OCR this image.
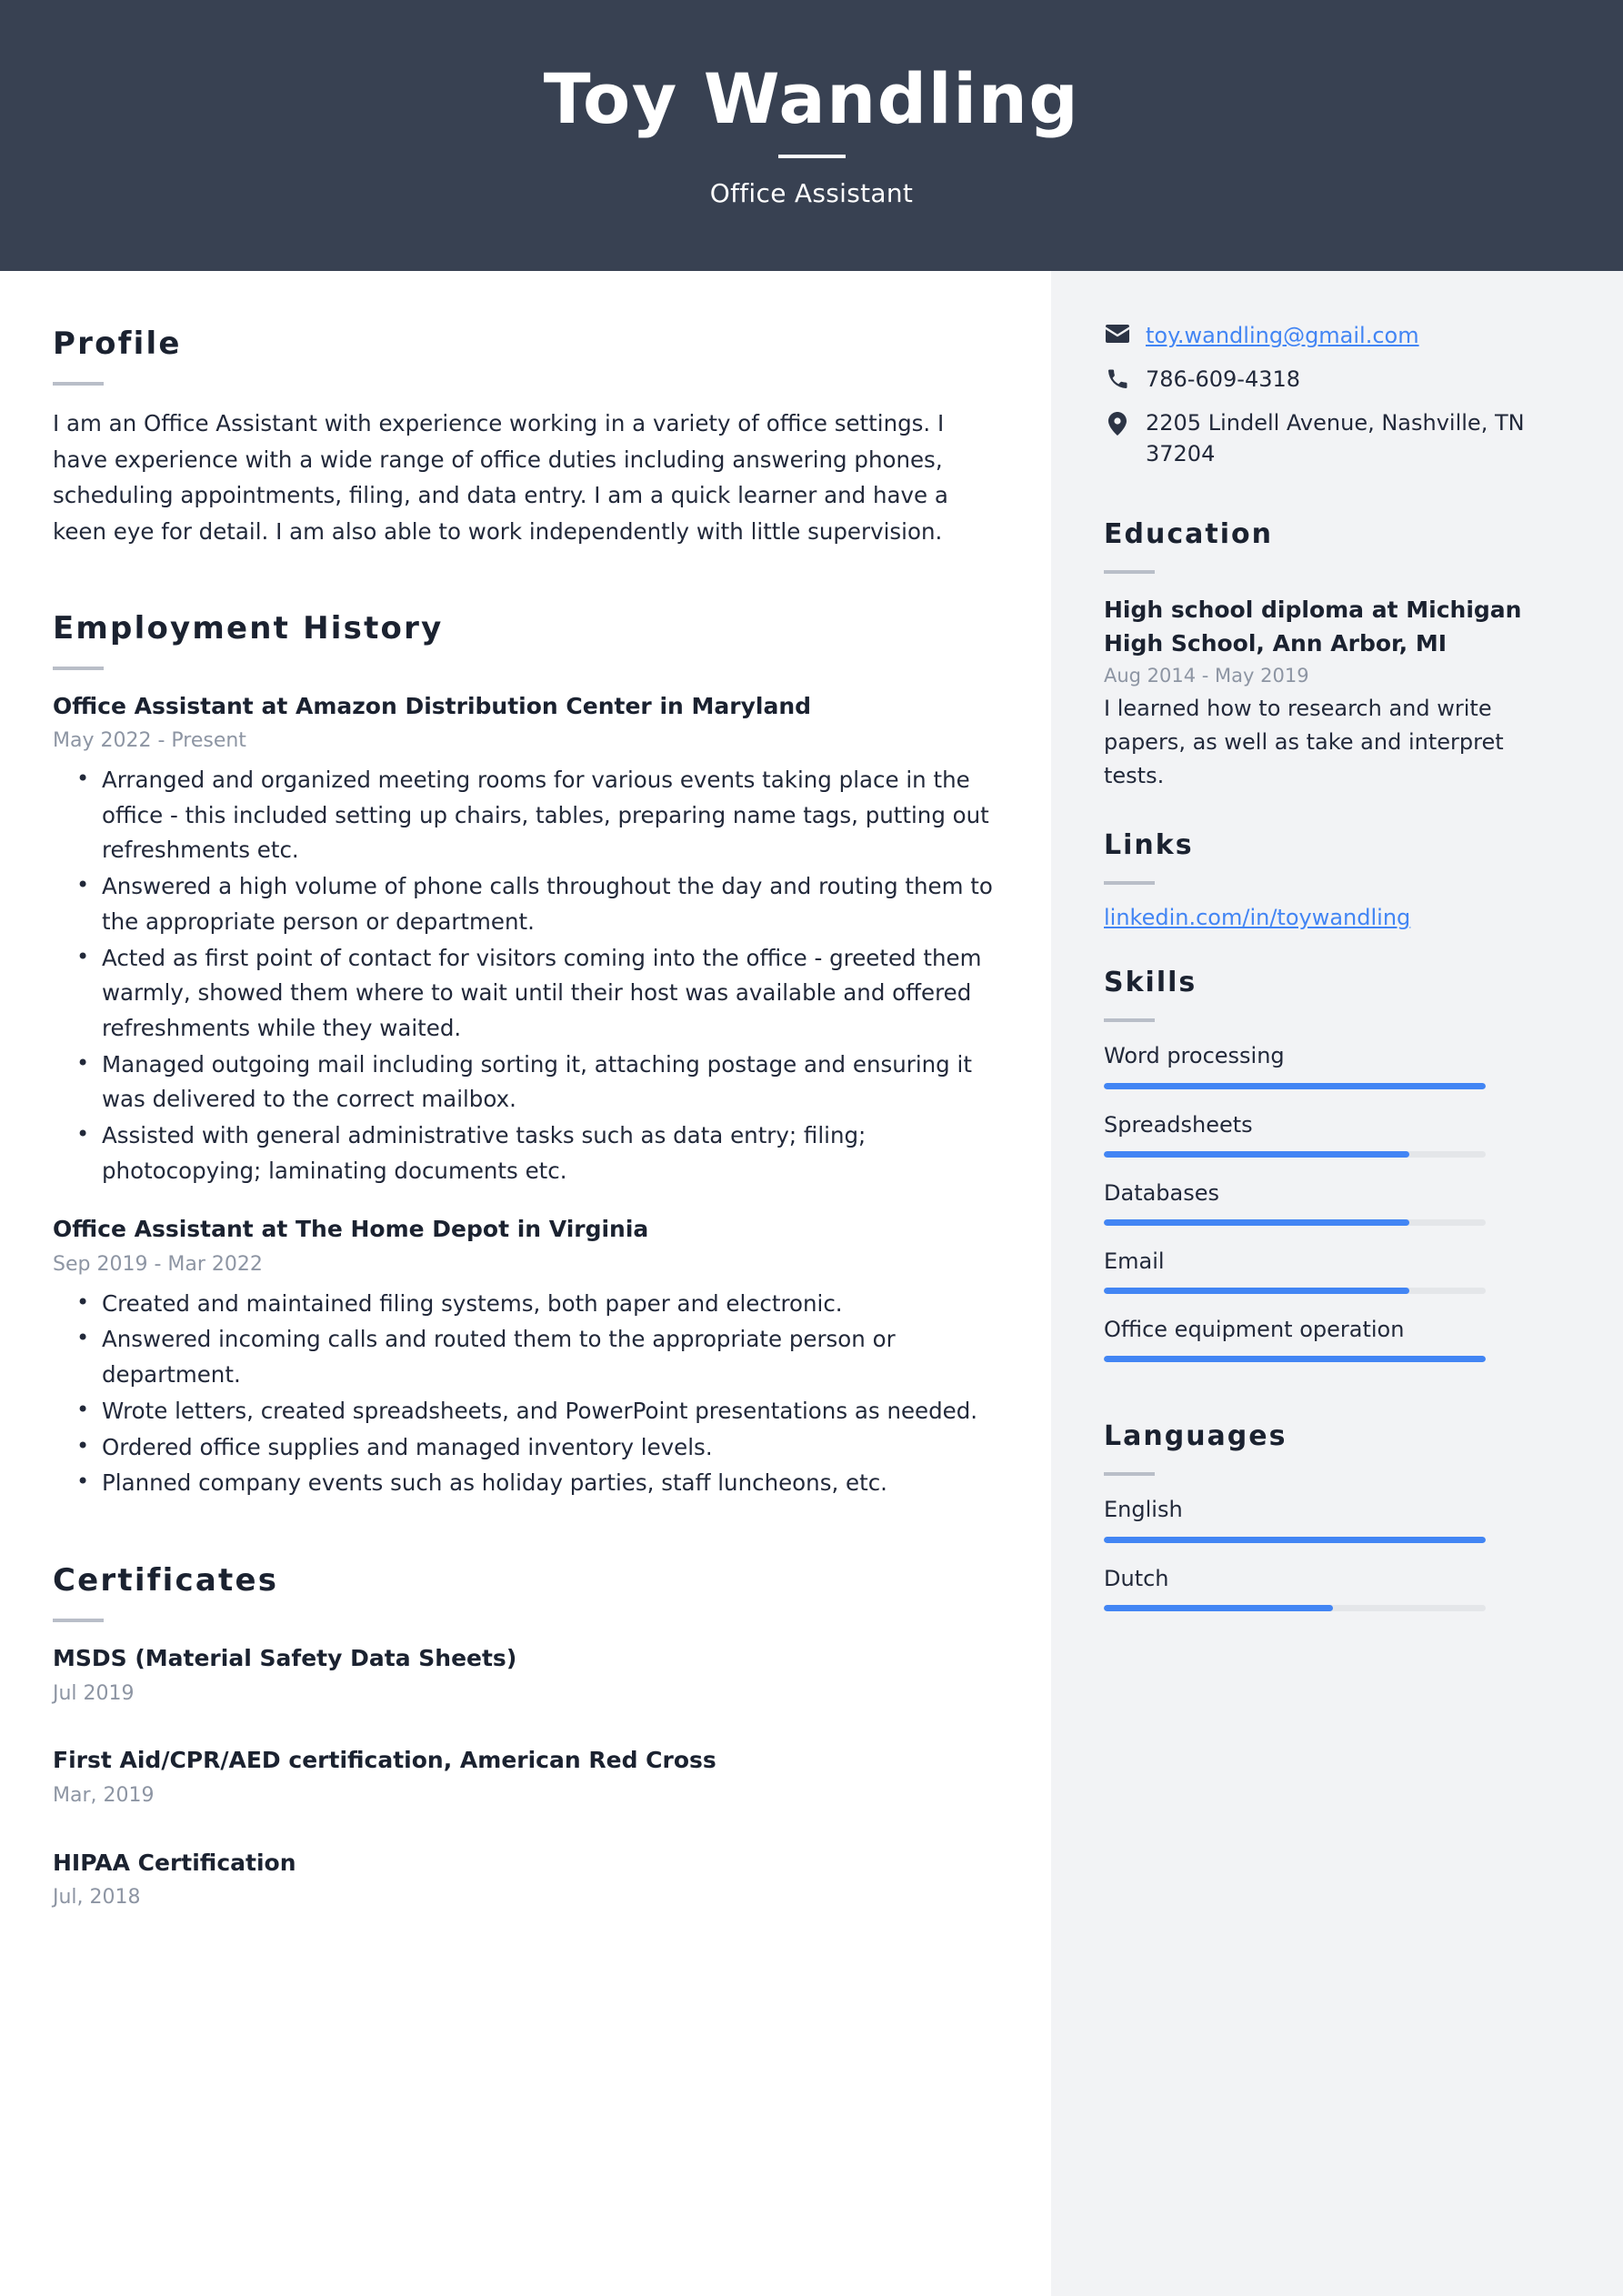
Toy Wandling
Office Assistant
Profile
I am an Office Assistant with experience working in a variety of office settings. I have experience with a wide range of office duties including answering phones, scheduling appointments, filing, and data entry. I am a quick learner and have a keen eye for detail. I am also able to work independently with little supervision.
Employment History
Office Assistant at Amazon Distribution Center in Maryland
May 2022 - Present
• Arranged and organized meeting rooms for various events taking place in the office - this included setting up chairs, tables, preparing name tags, putting out refreshments etc.
• Answered a high volume of phone calls throughout the day and routing them to the appropriate person or department.
• Acted as first point of contact for visitors coming into the office - greeted them warmly, showed them where to wait until their host was available and offered refreshments while they waited.
• Managed outgoing mail including sorting it, attaching postage and ensuring it was delivered to the correct mailbox.
• Assisted with general administrative tasks such as data entry; filing; photocopying; laminating documents etc.
Office Assistant at The Home Depot in Virginia
Sep 2019 - Mar 2022
• Created and maintained filing systems, both paper and electronic.
• Answered incoming calls and routed them to the appropriate person or department.
• Wrote letters, created spreadsheets, and PowerPoint presentations as needed.
• Ordered office supplies and managed inventory levels.
• Planned company events such as holiday parties, staff luncheons, etc.
Certificates
MSDS (Material Safety Data Sheets)
Jul 2019
First Aid/CPR/AED certification, American Red Cross
Mar, 2019
HIPAA Certification
Jul, 2018
toy.wandling@gmail.com
786-609-4318
2205 Lindell Avenue, Nashville, TN 37204
Education
High school diploma at Michigan High School, Ann Arbor, MI
Aug 2014 - May 2019
I learned how to research and write papers, as well as take and interpret tests.
Links
linkedin.com/in/toywandling
Skills
Word processing
Spreadsheets
Databases
Email
Office equipment operation
Languages
English
Dutch
